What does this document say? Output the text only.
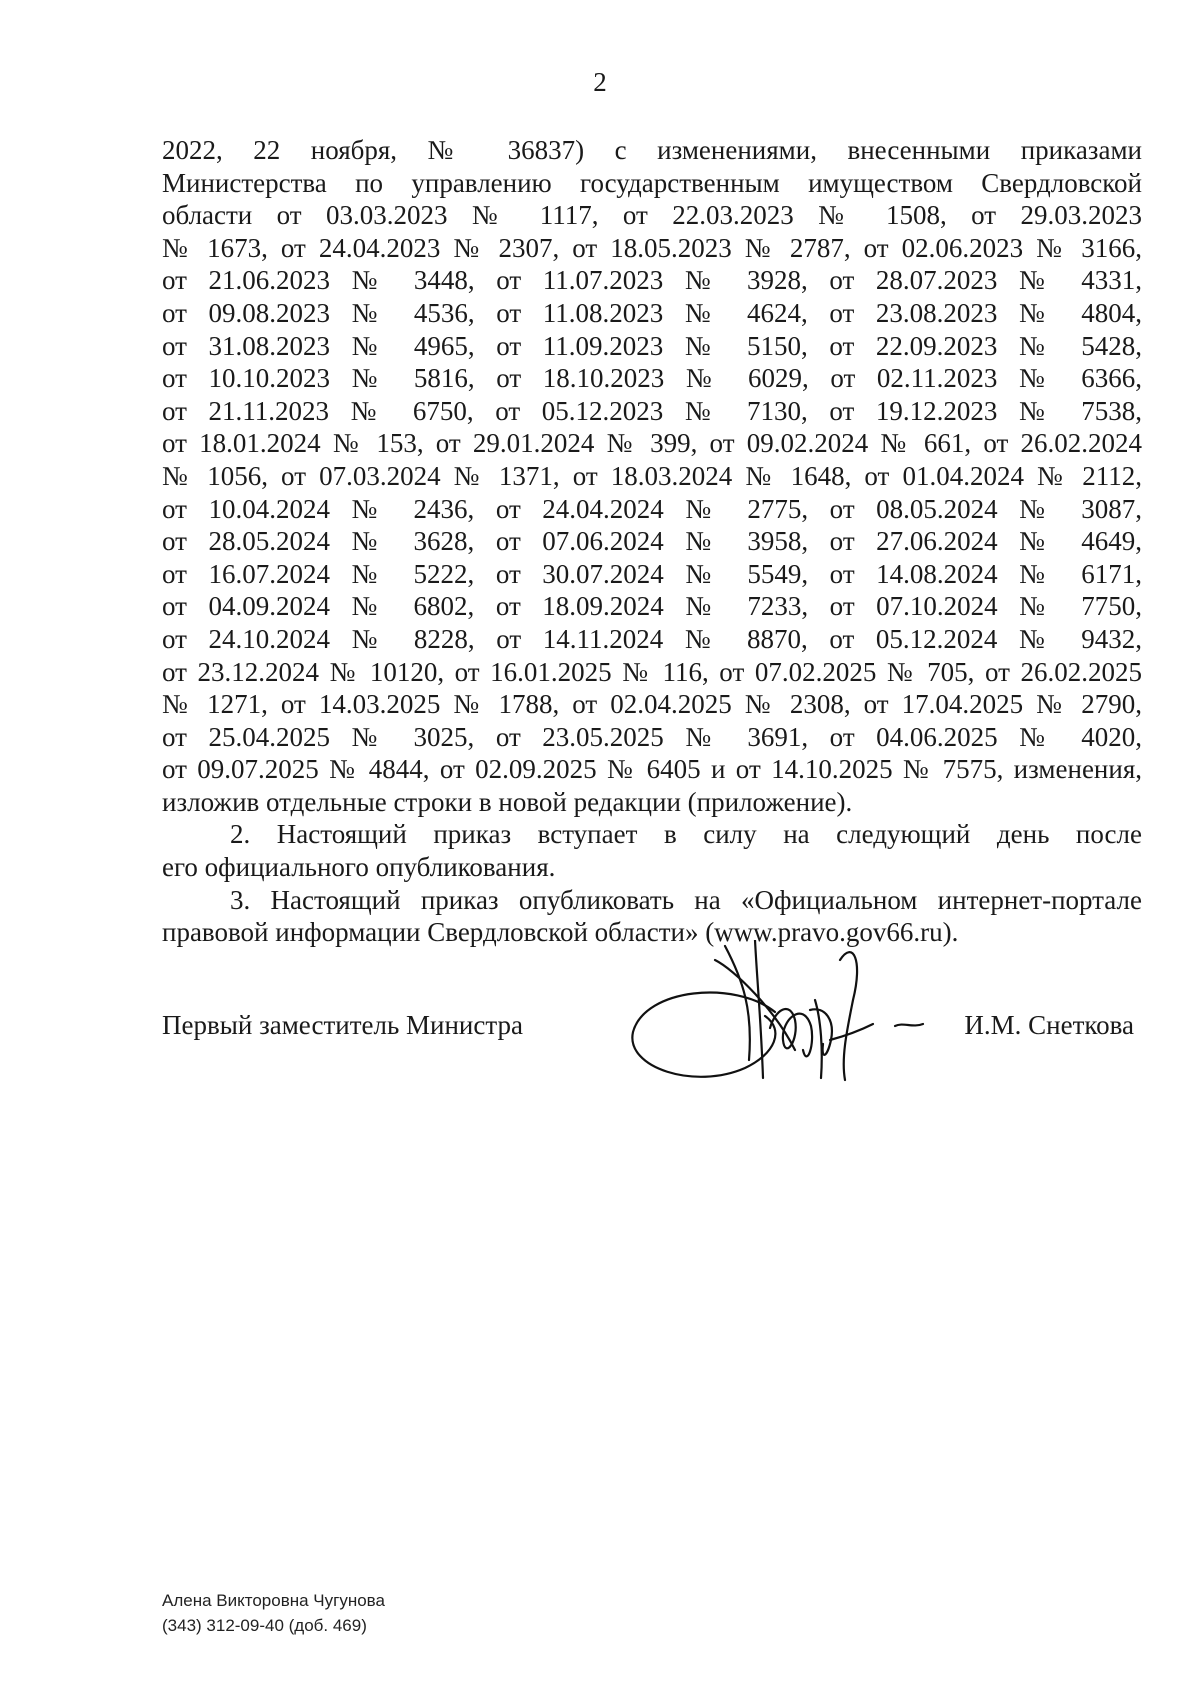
2
2022, 22 ноября, № 36837) с изменениями, внесенными приказами
Министерства по управлению государственным имуществом Свердловской
области от 03.03.2023 № 1117, от 22.03.2023 № 1508, от 29.03.2023
№ 1673, от 24.04.2023 № 2307, от 18.05.2023 № 2787, от 02.06.2023 № 3166,
от 21.06.2023 № 3448, от 11.07.2023 № 3928, от 28.07.2023 № 4331,
от 09.08.2023 № 4536, от 11.08.2023 № 4624, от 23.08.2023 № 4804,
от 31.08.2023 № 4965, от 11.09.2023 № 5150, от 22.09.2023 № 5428,
от 10.10.2023 № 5816, от 18.10.2023 № 6029, от 02.11.2023 № 6366,
от 21.11.2023 № 6750, от 05.12.2023 № 7130, от 19.12.2023 № 7538,
от 18.01.2024 № 153, от 29.01.2024 № 399, от 09.02.2024 № 661, от 26.02.2024
№ 1056, от 07.03.2024 № 1371, от 18.03.2024 № 1648, от 01.04.2024 № 2112,
от 10.04.2024 № 2436, от 24.04.2024 № 2775, от 08.05.2024 № 3087,
от 28.05.2024 № 3628, от 07.06.2024 № 3958, от 27.06.2024 № 4649,
от 16.07.2024 № 5222, от 30.07.2024 № 5549, от 14.08.2024 № 6171,
от 04.09.2024 № 6802, от 18.09.2024 № 7233, от 07.10.2024 № 7750,
от 24.10.2024 № 8228, от 14.11.2024 № 8870, от 05.12.2024 № 9432,
от 23.12.2024 № 10120, от 16.01.2025 № 116, от 07.02.2025 № 705, от 26.02.2025
№ 1271, от 14.03.2025 № 1788, от 02.04.2025 № 2308, от 17.04.2025 № 2790,
от 25.04.2025 № 3025, от 23.05.2025 № 3691, от 04.06.2025 № 4020,
от 09.07.2025 № 4844, от 02.09.2025 № 6405 и от 14.10.2025 № 7575, изменения,
изложив отдельные строки в новой редакции (приложение).
2. Настоящий приказ вступает в силу на следующий день после
его официального опубликования.
3. Настоящий приказ опубликовать на «Официальном интернет-портале
правовой информации Свердловской области» (www.pravo.gov66.ru).
Первый заместитель Министра	И.М. Снеткова
Алена Викторовна Чугунова
(343) 312-09-40 (доб. 469)
